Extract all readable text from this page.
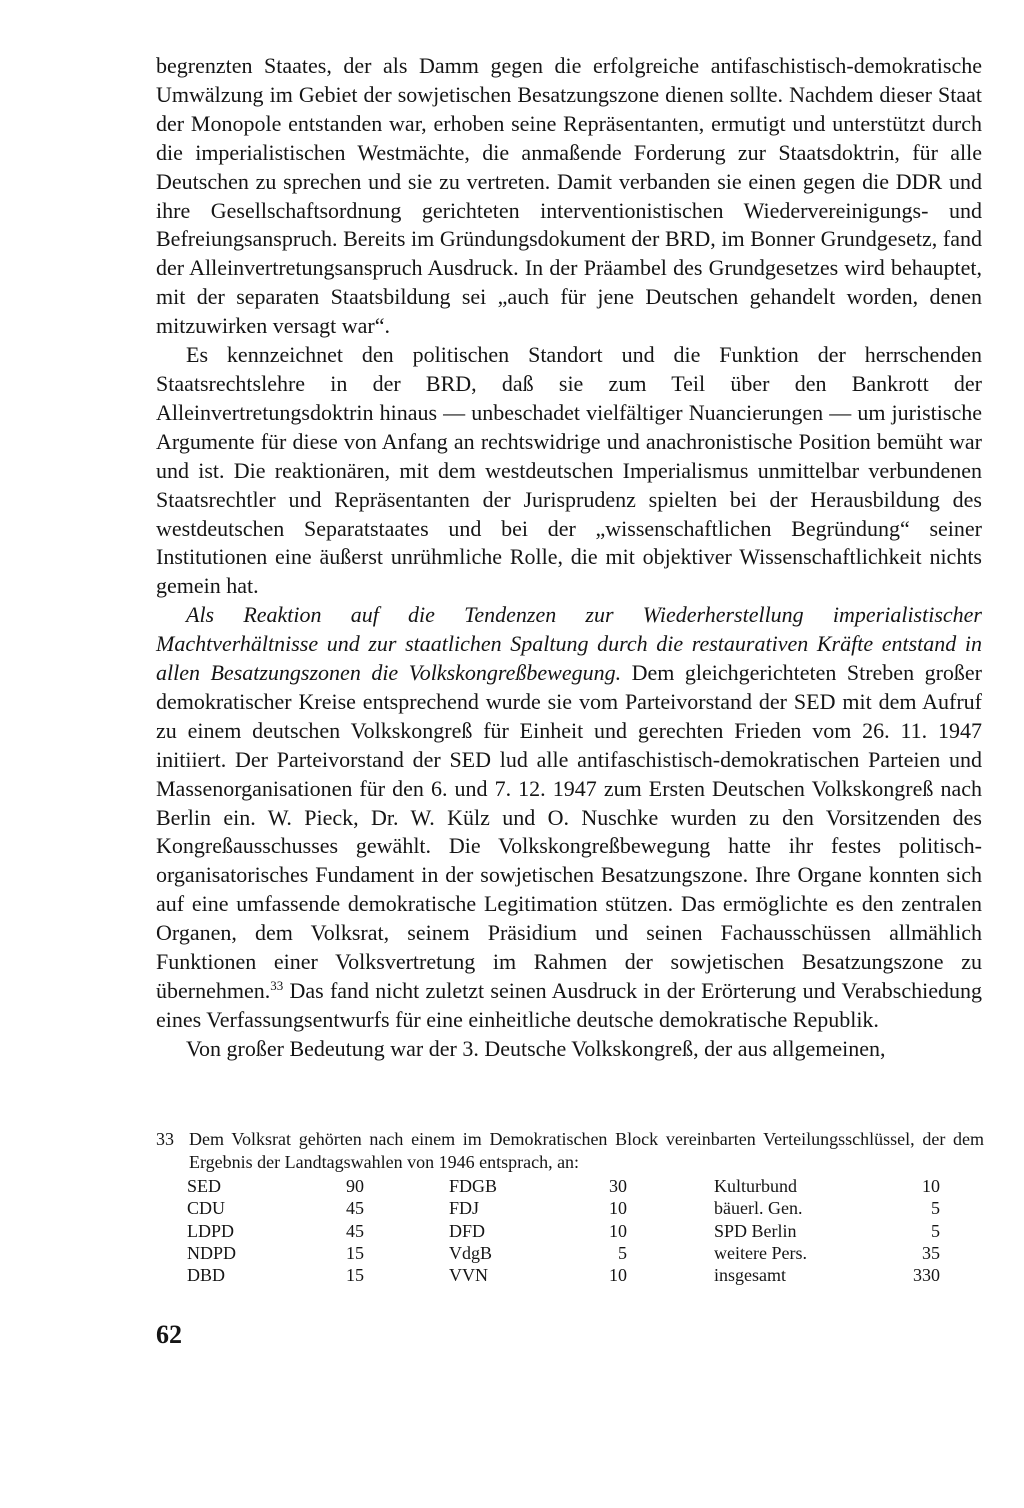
begrenzten Staates, der als Damm gegen die erfolgreiche antifaschistisch-demokratische Umwälzung im Gebiet der sowjetischen Besatzungszone dienen sollte. Nachdem dieser Staat der Monopole entstanden war, erhoben seine Repräsentanten, ermutigt und unterstützt durch die imperialistischen Westmächte, die anmaßende Forderung zur Staatsdoktrin, für alle Deutschen zu sprechen und sie zu vertreten. Damit verbanden sie einen gegen die DDR und ihre Gesellschaftsordnung gerichteten interventionistischen Wiedervereinigungs- und Befreiungsanspruch. Bereits im Gründungsdokument der BRD, im Bonner Grundgesetz, fand der Alleinvertretungsanspruch Ausdruck. In der Präambel des Grundgesetzes wird behauptet, mit der separaten Staatsbildung sei „auch für jene Deutschen gehandelt worden, denen mitzuwirken versagt war“.

Es kennzeichnet den politischen Standort und die Funktion der herrschenden Staatsrechtslehre in der BRD, daß sie zum Teil über den Bankrott der Alleinvertretungsdoktrin hinaus — unbeschadet vielfältiger Nuancierungen — um juristische Argumente für diese von Anfang an rechtswidrige und anachronistische Position bemüht war und ist. Die reaktionären, mit dem westdeutschen Imperialismus unmittelbar verbundenen Staatsrechtler und Repräsentanten der Jurisprudenz spielten bei der Herausbildung des westdeutschen Separatstaates und bei der „wissenschaftlichen Begründung“ seiner Institutionen eine äußerst unrühmliche Rolle, die mit objektiver Wissenschaftlichkeit nichts gemein hat.

Als Reaktion auf die Tendenzen zur Wiederherstellung imperialistischer Machtverhältnisse und zur staatlichen Spaltung durch die restaurativen Kräfte entstand in allen Besatzungszonen die Volkskongreßbewegung. Dem gleichgerichteten Streben großer demokratischer Kreise entsprechend wurde sie vom Parteivorstand der SED mit dem Aufruf zu einem deutschen Volkskongreß für Einheit und gerechten Frieden vom 26. 11. 1947 initiiert. Der Parteivorstand der SED lud alle antifaschistisch-demokratischen Parteien und Massenorganisationen für den 6. und 7. 12. 1947 zum Ersten Deutschen Volkskongreß nach Berlin ein. W. Pieck, Dr. W. Külz und O. Nuschke wurden zu den Vorsitzenden des Kongreßausschusses gewählt. Die Volkskongreßbewegung hatte ihr festes politisch-organisatorisches Fundament in der sowjetischen Besatzungszone. Ihre Organe konnten sich auf eine umfassende demokratische Legitimation stützen. Das ermöglichte es den zentralen Organen, dem Volksrat, seinem Präsidium und seinen Fachausschüssen allmählich Funktionen einer Volksvertretung im Rahmen der sowjetischen Besatzungszone zu übernehmen.$^{33}$ Das fand nicht zuletzt seinen Ausdruck in der Erörterung und Verabschiedung eines Verfassungsentwurfs für eine einheitliche deutsche demokratische Republik.

Von großer Bedeutung war der 3. Deutsche Volkskongreß, der aus allgemeinen,

33 Dem Volksrat gehörten nach einem im Demokratischen Block vereinbarten Verteilungsschlüssel, der dem Ergebnis der Landtagswahlen von 1946 entsprach, an:

SED	90		FDGB	30		Kulturbund	10
CDU	45		FDJ	10		bäuerl. Gen.	5
LDPD	45		DFD	10		SPD Berlin	5
NDPD	15		VdgB	5		weitere Pers.	35
DBD	15		VVN	10		insgesamt	330

62
